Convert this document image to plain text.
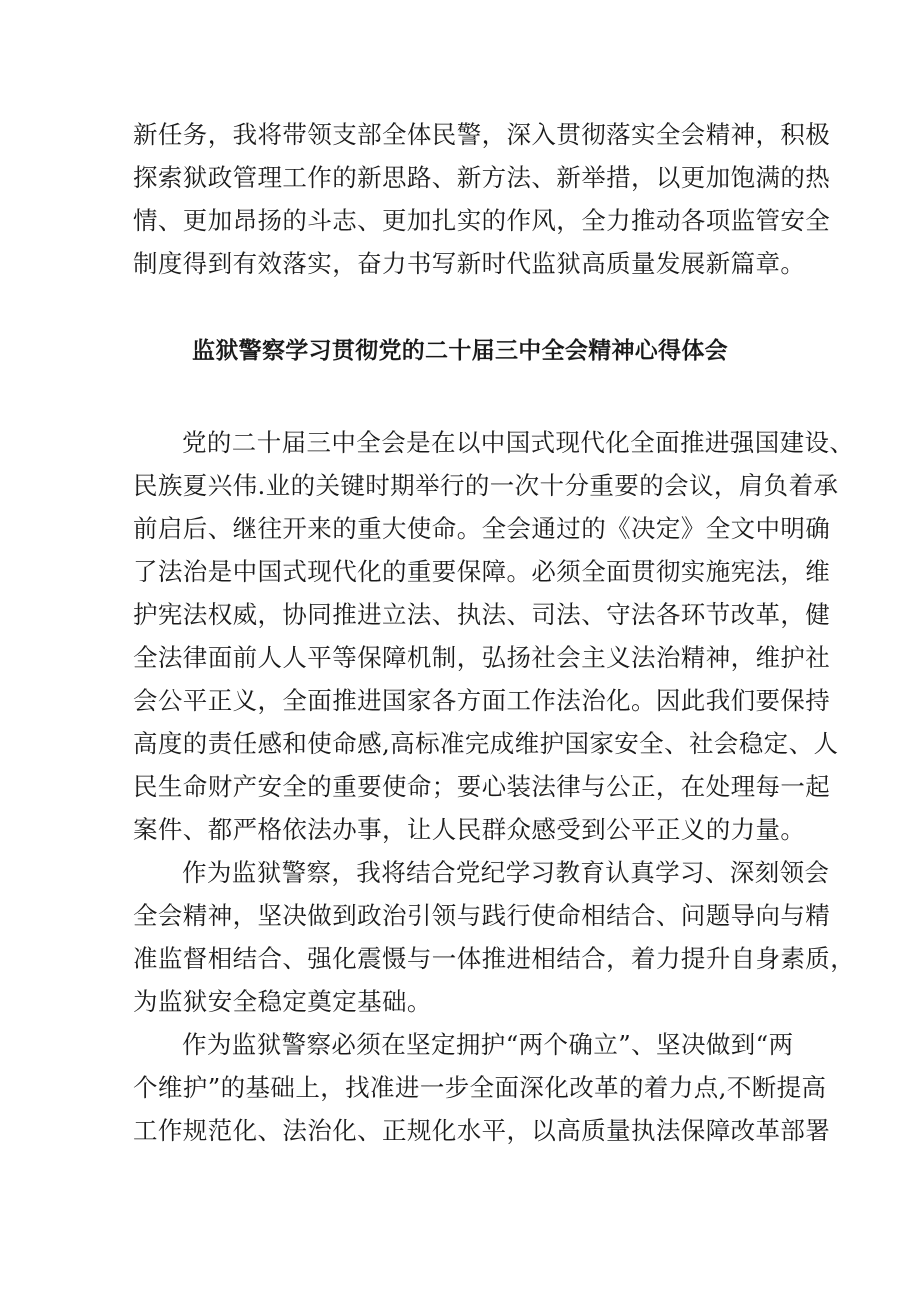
新任务，我将带领支部全体民警，深入贯彻落实全会精神，积极
探索狱政管理工作的新思路、新方法、新举措，以更加饱满的热
情、更加昂扬的斗志、更加扎实的作风，全力推动各项监管安全
制度得到有效落实，奋力书写新时代监狱高质量发展新篇章。
监狱警察学习贯彻党的二十届三中全会精神心得体会
党的二十届三中全会是在以中国式现代化全面推进强国建设、
民族夏兴伟.业的关键时期举行的一次十分重要的会议，肩负着承
前启后、继往开来的重大使命。全会通过的《决定》全文中明确
了法治是中国式现代化的重要保障。必须全面贯彻实施宪法，维
护宪法权威，协同推进立法、执法、司法、守法各环节改革，健
全法律面前人人平等保障机制，弘扬社会主义法治精神，维护社
会公平正义，全面推进国家各方面工作法治化。因此我们要保持
高度的责任感和使命感,高标准完成维护国家安全、社会稳定、人
民生命财产安全的重要使命；要心装法律与公正，在处理每一起
案件、都严格依法办事，让人民群众感受到公平正义的力量。
作为监狱警察，我将结合党纪学习教育认真学习、深刻领会
全会精神，坚决做到政治引领与践行使命相结合、问题导向与精
准监督相结合、强化震慑与一体推进相结合，着力提升自身素质，
为监狱安全稳定奠定基础。
作为监狱警察必须在坚定拥护“两个确立”、坚决做到“两
个维护”的基础上，找准进一步全面深化改革的着力点,不断提高
工作规范化、法治化、正规化水平，以高质量执法保障改革部署
